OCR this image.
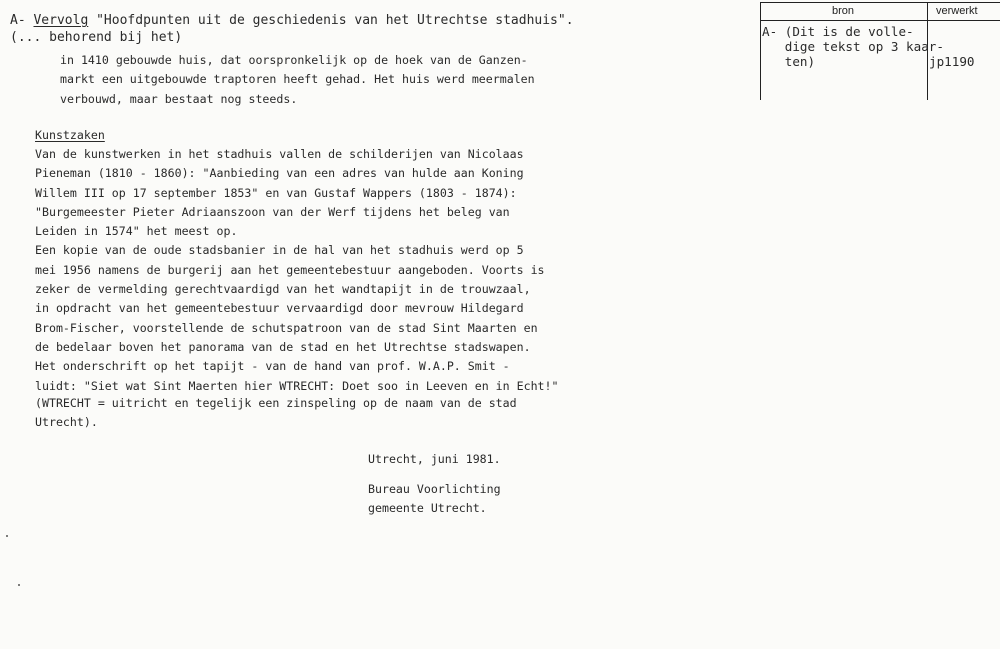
A- Vervolg "Hoofdpunten uit de geschiedenis van het Utrechtse stadhuis".
(... behorend bij het)
in 1410 gebouwde huis, dat oorspronkelijk op de hoek van de Ganzen-
markt een uitgebouwde traptoren heeft gehad. Het huis werd meermalen
verbouwd, maar bestaat nog steeds.
Kunstzaken
Van de kunstwerken in het stadhuis vallen de schilderijen van Nicolaas
Pieneman (1810 - 1860): "Aanbieding van een adres van hulde aan Koning
Willem III op 17 september 1853" en van Gustaf Wappers (1803 - 1874):
"Burgemeester Pieter Adriaanszoon van der Werf tijdens het beleg van
Leiden in 1574" het meest op.
Een kopie van de oude stadsbanier in de hal van het stadhuis werd op 5
mei 1956 namens de burgerij aan het gemeentebestuur aangeboden. Voorts is
zeker de vermelding gerechtvaardigd van het wandtapijt in de trouwzaal,
in opdracht van het gemeentebestuur vervaardigd door mevrouw Hildegard
Brom-Fischer, voorstellende de schutspatroon van de stad Sint Maarten en
de bedelaar boven het panorama van de stad en het Utrechtse stadswapen.
Het onderschrift op het tapijt - van de hand van prof. W.A.P. Smit -
luidt: "Siet wat Sint Maerten hier WTRECHT: Doet soo in Leeven en in Echt!"
(WTRECHT = uitricht en tegelijk een zinspeling op de naam van de stad
Utrecht).
Utrecht, juni 1981.
Bureau Voorlichting
gemeente Utrecht.
bron	verwerkt
A- (Dit is de volle-
dige tekst op 3 kaar-
ten)	jp1190
